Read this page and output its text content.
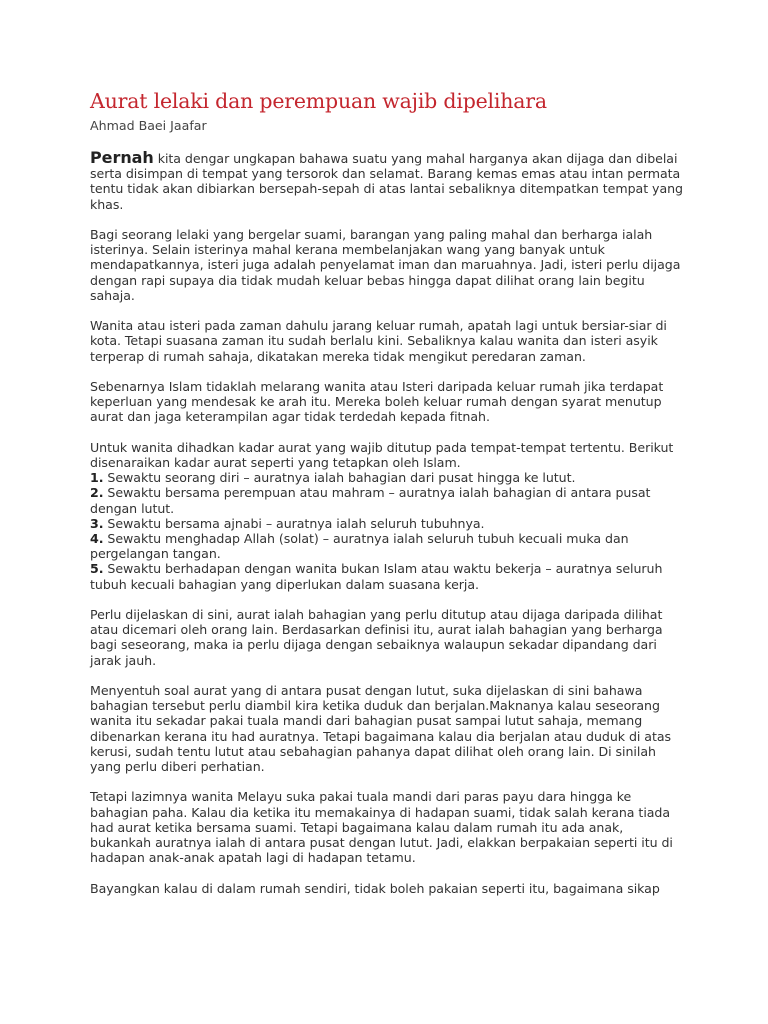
Aurat lelaki dan perempuan wajib dipelihara
Ahmad Baei Jaafar

Pernah kita dengar ungkapan bahawa suatu yang mahal harganya akan dijaga dan dibelai serta disimpan di tempat yang tersorok dan selamat. Barang kemas emas atau intan permata tentu tidak akan dibiarkan bersepah-sepah di atas lantai sebaliknya ditempatkan tempat yang khas.

Bagi seorang lelaki yang bergelar suami, barangan yang paling mahal dan berharga ialah isterinya. Selain isterinya mahal kerana membelanjakan wang yang banyak untuk mendapatkannya, isteri juga adalah penyelamat iman dan maruahnya. Jadi, isteri perlu dijaga dengan rapi supaya dia tidak mudah keluar bebas hingga dapat dilihat orang lain begitu sahaja.

Wanita atau isteri pada zaman dahulu jarang keluar rumah, apatah lagi untuk bersiar-siar di kota. Tetapi suasana zaman itu sudah berlalu kini. Sebaliknya kalau wanita dan isteri asyik terperap di rumah sahaja, dikatakan mereka tidak mengikut peredaran zaman.

Sebenarnya Islam tidaklah melarang wanita atau Isteri daripada keluar rumah jika terdapat keperluan yang mendesak ke arah itu. Mereka boleh keluar rumah dengan syarat menutup aurat dan jaga keterampilan agar tidak terdedah kepada fitnah.

Untuk wanita dihadkan kadar aurat yang wajib ditutup pada tempat-tempat tertentu. Berikut disenaraikan kadar aurat seperti yang tetapkan oleh Islam.
1. Sewaktu seorang diri – auratnya ialah bahagian dari pusat hingga ke lutut.
2. Sewaktu bersama perempuan atau mahram – auratnya ialah bahagian di antara pusat dengan lutut.
3. Sewaktu bersama ajnabi – auratnya ialah seluruh tubuhnya.
4. Sewaktu menghadap Allah (solat) – auratnya ialah seluruh tubuh kecuali muka dan pergelangan tangan.
5. Sewaktu berhadapan dengan wanita bukan Islam atau waktu bekerja – auratnya seluruh tubuh kecuali bahagian yang diperlukan dalam suasana kerja.

Perlu dijelaskan di sini, aurat ialah bahagian yang perlu ditutup atau dijaga daripada dilihat atau dicemari oleh orang lain. Berdasarkan definisi itu, aurat ialah bahagian yang berharga bagi seseorang, maka ia perlu dijaga dengan sebaiknya walaupun sekadar dipandang dari jarak jauh.

Menyentuh soal aurat yang di antara pusat dengan lutut, suka dijelaskan di sini bahawa bahagian tersebut perlu diambil kira ketika duduk dan berjalan.Maknanya kalau seseorang wanita itu sekadar pakai tuala mandi dari bahagian pusat sampai lutut sahaja, memang dibenarkan kerana itu had auratnya. Tetapi bagaimana kalau dia berjalan atau duduk di atas kerusi, sudah tentu lutut atau sebahagian pahanya dapat dilihat oleh orang lain. Di sinilah yang perlu diberi perhatian.

Tetapi lazimnya wanita Melayu suka pakai tuala mandi dari paras payu dara hingga ke bahagian paha. Kalau dia ketika itu memakainya di hadapan suami, tidak salah kerana tiada had aurat ketika bersama suami. Tetapi bagaimana kalau dalam rumah itu ada anak, bukankah auratnya ialah di antara pusat dengan lutut. Jadi, elakkan berpakaian seperti itu di hadapan anak-anak apatah lagi di hadapan tetamu.

Bayangkan kalau di dalam rumah sendiri, tidak boleh pakaian seperti itu, bagaimana sikap
